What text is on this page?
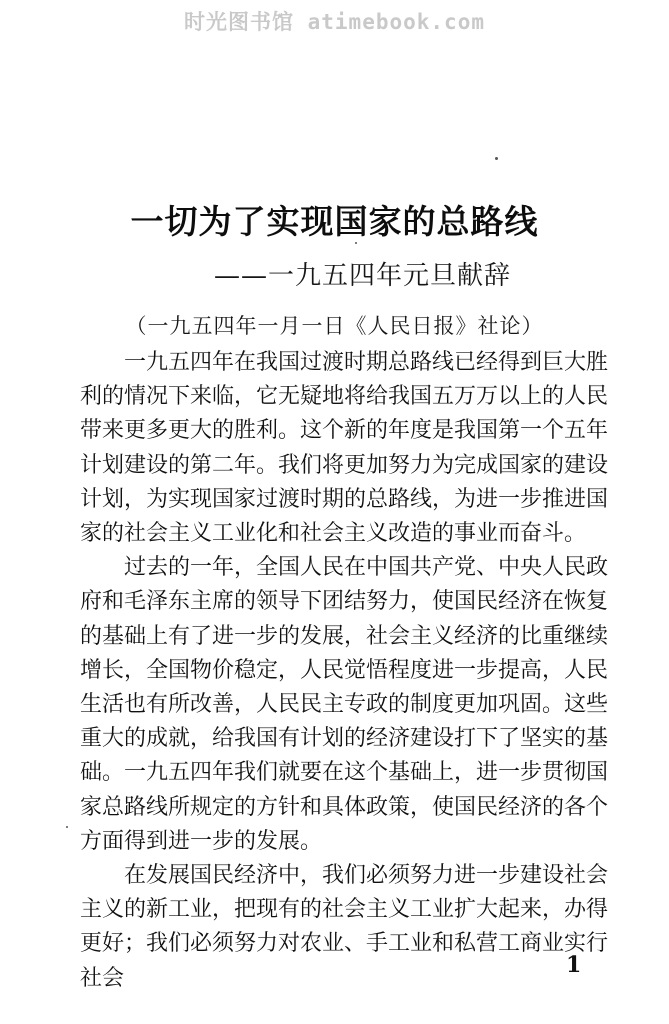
时光图书馆 atimebook.com
一切为了实现国家的总路线
——一九五四年元旦献辞
（一九五四年一月一日《人民日报》社论）

一九五四年在我国过渡时期总路线已经得到巨大胜利的情况下来临，它无疑地将给我国五万万以上的人民带来更多更大的胜利。这个新的年度是我国第一个五年计划建设的第二年。我们将更加努力为完成国家的建设计划，为实现国家过渡时期的总路线，为进一步推进国家的社会主义工业化和社会主义改造的事业而奋斗。

过去的一年，全国人民在中国共产党、中央人民政府和毛泽东主席的领导下团结努力，使国民经济在恢复的基础上有了进一步的发展，社会主义经济的比重继续增长，全国物价稳定，人民觉悟程度进一步提高，人民生活也有所改善，人民民主专政的制度更加巩固。这些重大的成就，给我国有计划的经济建设打下了坚实的基础。一九五四年我们就要在这个基础上，进一步贯彻国家总路线所规定的方针和具体政策，使国民经济的各个方面得到进一步的发展。

在发展国民经济中，我们必须努力进一步建设社会主义的新工业，把现有的社会主义工业扩大起来，办得更好；我们必须努力对农业、手工业和私营工商业实行社会

1
